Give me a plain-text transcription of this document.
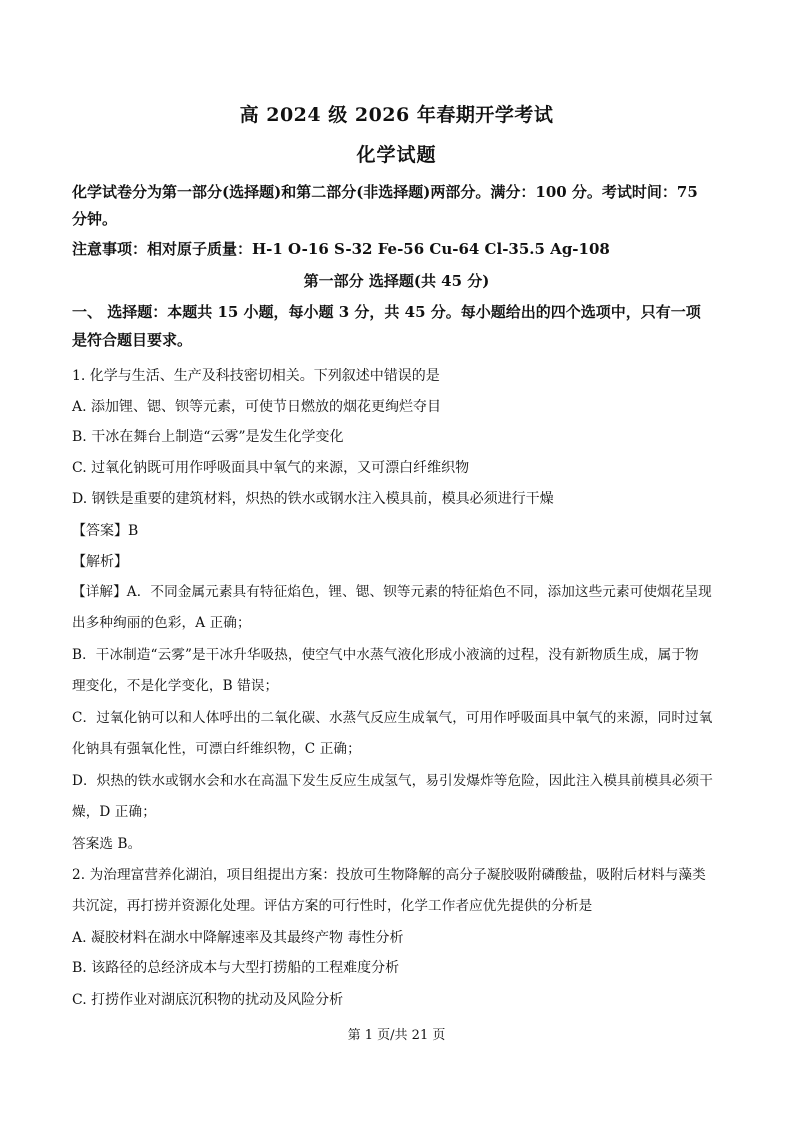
高 2024 级 2026 年春期开学考试
化学试题
化学试卷分为第一部分(选择题)和第二部分(非选择题)两部分。满分：100 分。考试时间：75
分钟。
注意事项：相对原子质量：H-1 O-16 S-32 Fe-56 Cu-64 Cl-35.5 Ag-108
第一部分 选择题(共 45 分)
一、 选择题：本题共 15 小题，每小题 3 分，共 45 分。每小题给出的四个选项中，只有一项
是符合题目要求。
1. 化学与生活、生产及科技密切相关。下列叙述中错误的是
A. 添加锂、锶、钡等元素，可使节日燃放的烟花更绚烂夺目
B. 干冰在舞台上制造“云雾”是发生化学变化
C. 过氧化钠既可用作呼吸面具中氧气的来源，又可漂白纤维织物
D. 钢铁是重要的建筑材料，炽热的铁水或钢水注入模具前，模具必须进行干燥
【答案】B
【解析】
【详解】A．不同金属元素具有特征焰色，锂、锶、钡等元素的特征焰色不同，添加这些元素可使烟花呈现
出多种绚丽的色彩，A 正确；
B．干冰制造“云雾”是干冰升华吸热，使空气中水蒸气液化形成小液滴的过程，没有新物质生成，属于物
理变化，不是化学变化，B 错误；
C．过氧化钠可以和人体呼出的二氧化碳、水蒸气反应生成氧气，可用作呼吸面具中氧气的来源，同时过氧
化钠具有强氧化性，可漂白纤维织物，C 正确；
D．炽热的铁水或钢水会和水在高温下发生反应生成氢气，易引发爆炸等危险，因此注入模具前模具必须干
燥，D 正确；
答案选 B。
2. 为治理富营养化湖泊，项目组提出方案：投放可生物降解的高分子凝胶吸附磷酸盐，吸附后材料与藻类
共沉淀，再打捞并资源化处理。评估方案的可行性时，化学工作者应优先提供的分析是
A. 凝胶材料在湖水中降解速率及其最终产物 毒性分析
B. 该路径的总经济成本与大型打捞船的工程难度分析
C. 打捞作业对湖底沉积物的扰动及风险分析
第 1 页/共 21 页
